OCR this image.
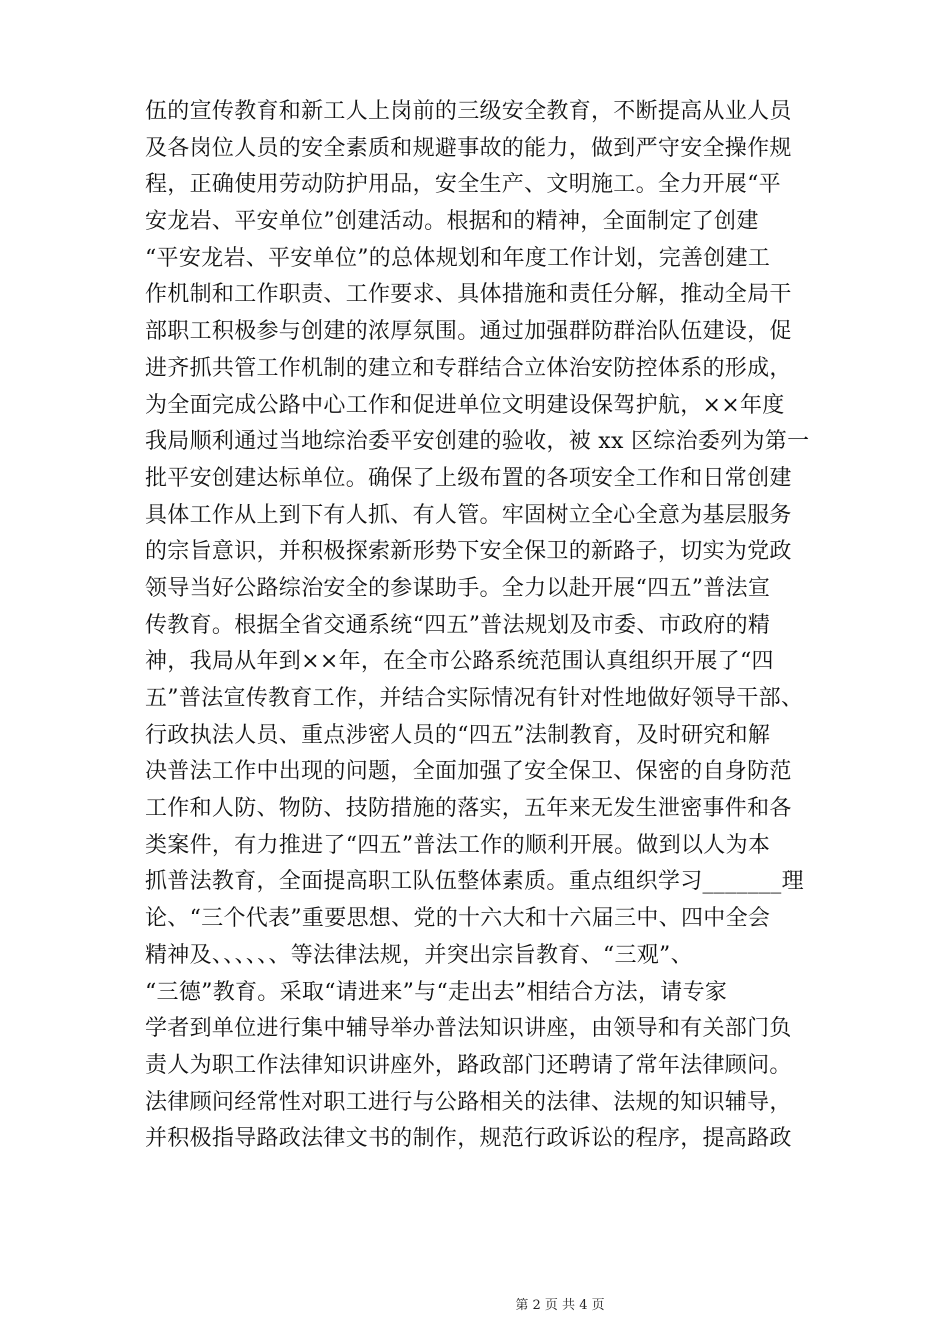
伍的宣传教育和新工人上岗前的三级安全教育，不断提高从业人员
及各岗位人员的安全素质和规避事故的能力，做到严守安全操作规
程，正确使用劳动防护用品，安全生产、文明施工。全力开展“平
安龙岩、平安单位”创建活动。根据和的精神，全面制定了创建
“平安龙岩、平安单位”的总体规划和年度工作计划，完善创建工
作机制和工作职责、工作要求、具体措施和责任分解，推动全局干
部职工积极参与创建的浓厚氛围。通过加强群防群治队伍建设，促
进齐抓共管工作机制的建立和专群结合立体治安防控体系的形成，
为全面完成公路中心工作和促进单位文明建设保驾护航，××年度
我局顺利通过当地综治委平安创建的验收，被 xx 区综治委列为第一
批平安创建达标单位。确保了上级布置的各项安全工作和日常创建
具体工作从上到下有人抓、有人管。牢固树立全心全意为基层服务
的宗旨意识，并积极探索新形势下安全保卫的新路子，切实为党政
领导当好公路综治安全的参谋助手。全力以赴开展“四五”普法宣
传教育。根据全省交通系统“四五”普法规划及市委、市政府的精
神，我局从年到××年，在全市公路系统范围认真组织开展了“四
五”普法宣传教育工作，并结合实际情况有针对性地做好领导干部、
行政执法人员、重点涉密人员的“四五”法制教育，及时研究和解
决普法工作中出现的问题，全面加强了安全保卫、保密的自身防范
工作和人防、物防、技防措施的落实，五年来无发生泄密事件和各
类案件，有力推进了“四五”普法工作的顺利开展。做到以人为本
抓普法教育，全面提高职工队伍整体素质。重点组织学习_______理
论、“三个代表”重要思想、党的十六大和十六届三中、四中全会
精神及、、、、、、等法律法规，并突出宗旨教育、“三观”、
“三德”教育。采取“请进来”与“走出去”相结合方法，请专家
学者到单位进行集中辅导举办普法知识讲座，由领导和有关部门负
责人为职工作法律知识讲座外，路政部门还聘请了常年法律顾问。
法律顾问经常性对职工进行与公路相关的法律、法规的知识辅导，
并积极指导路政法律文书的制作，规范行政诉讼的程序，提高路政
第 2 页 共 4 页
